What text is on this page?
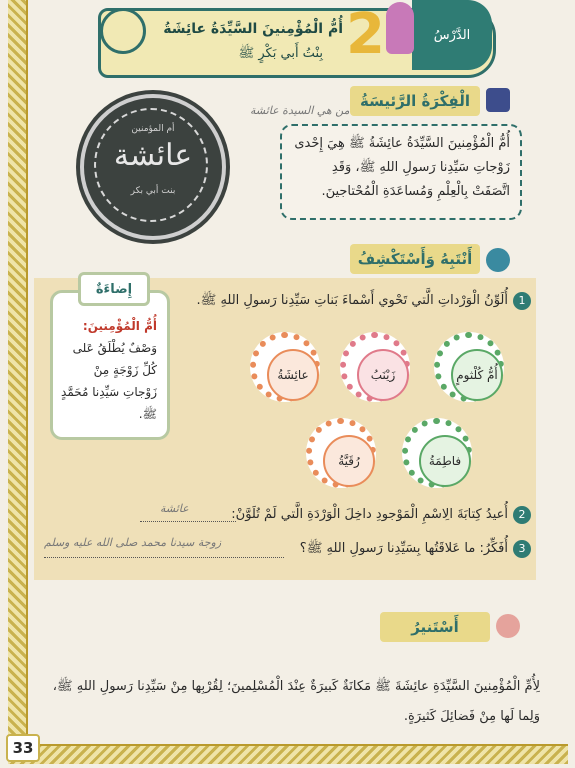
33
أُمُّ الْمُؤْمِنينَ السَّيِّدَةُ عائِشَةُ
بِنْتُ أَبي بَكْرٍ ﷺ
الدَّرْسُ
2
الْفِكْرَةُ الرَّئيسَةُ
من هي السيدة عائشة
أُمُّ الْمُؤْمِنينَ السَّيِّدَةُ عائِشَةُ ﷺ هِيَ إِحْدى زَوْجاتِ سَيِّدِنا رَسولِ اللهِ ﷺ، وَقَدِ اتَّصَفَتْ بِالْعِلْمِ وَمُساعَدَةِ الْمُحْتاجينَ.
أم المؤمنين
عائشة
بنت أبي بكر
أَنْتَبِهُ وَأَسْتَكْشِفُ
أُمُّ الْمُؤْمِنينَ:
وَصْفٌ يُطْلَقُ عَلى كُلِّ زَوْجَةٍ مِنْ زَوْجاتِ سَيِّدِنا مُحَمَّدٍ ﷺ.
إِضاءَةٌ
1أُلَوِّنُ الْوَرْداتِ الَّتي تَحْوي أَسْماءَ بَناتِ سَيِّدِنا رَسولِ اللهِ ﷺ.
عائِشَةُ	زَيْنَبُ	أُمُّ كُلْثومٍ
رُقَيَّةُ	فاطِمَةُ
2أُعيدُ كِتابَةَ الِاسْمِ الْمَوْجودِ داخِلَ الْوَرْدَةِ الَّتي لَمْ تُلَوَّنْ:
عائشة
3أُفَكِّرُ: ما عَلاقَتُها بِسَيِّدِنا رَسولِ اللهِ ﷺ؟
زوجة سيدنا محمد صلى الله عليه وسلم
أَسْتَنيرُ
لِأُمِّ الْمُؤْمِنينَ السَّيِّدَةِ عائِشَةَ ﷺ مَكانَةٌ كَبيرَةٌ عِنْدَ الْمُسْلِمينَ؛ لِقُرْبِها مِنْ سَيِّدِنا رَسولِ اللهِ ﷺ، وَلِما لَها مِنْ فَضائِلَ كَثيرَةٍ.
